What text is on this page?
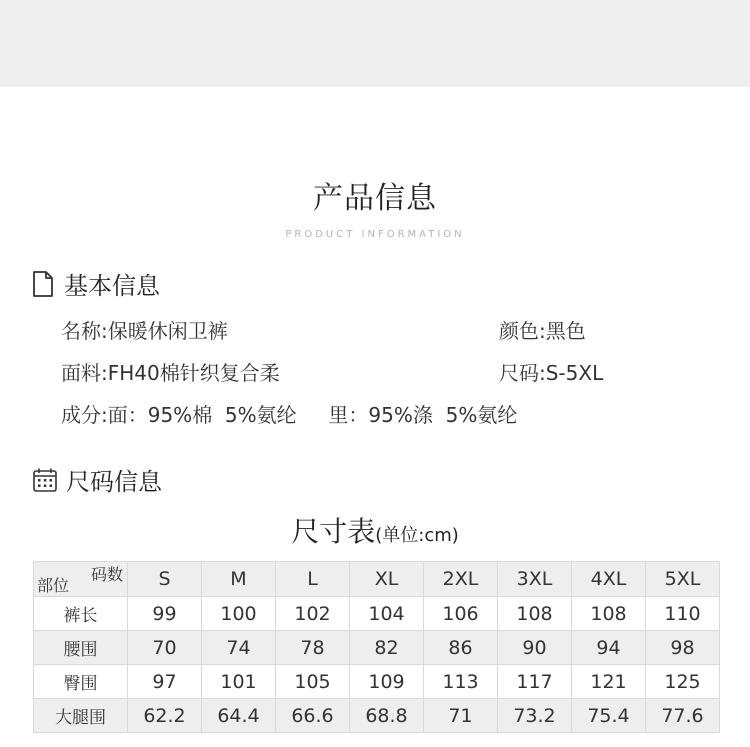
产品信息
PRODUCT INFORMATION
基本信息
名称:保暖休闲卫裤	颜色:黑色
面料:FH40棉针织复合柔	尺码:S-5XL
成分:面：95%棉  5%氨纶     里：95%涤  5%氨纶
尺码信息
尺寸表(单位:cm)
码数
部位	S	M	L	XL	2XL	3XL	4XL	5XL
裤长	99	100	102	104	106	108	108	110
腰围	70	74	78	82	86	90	94	98
臀围	97	101	105	109	113	117	121	125
大腿围	62.2	64.4	66.6	68.8	71	73.2	75.4	77.6
